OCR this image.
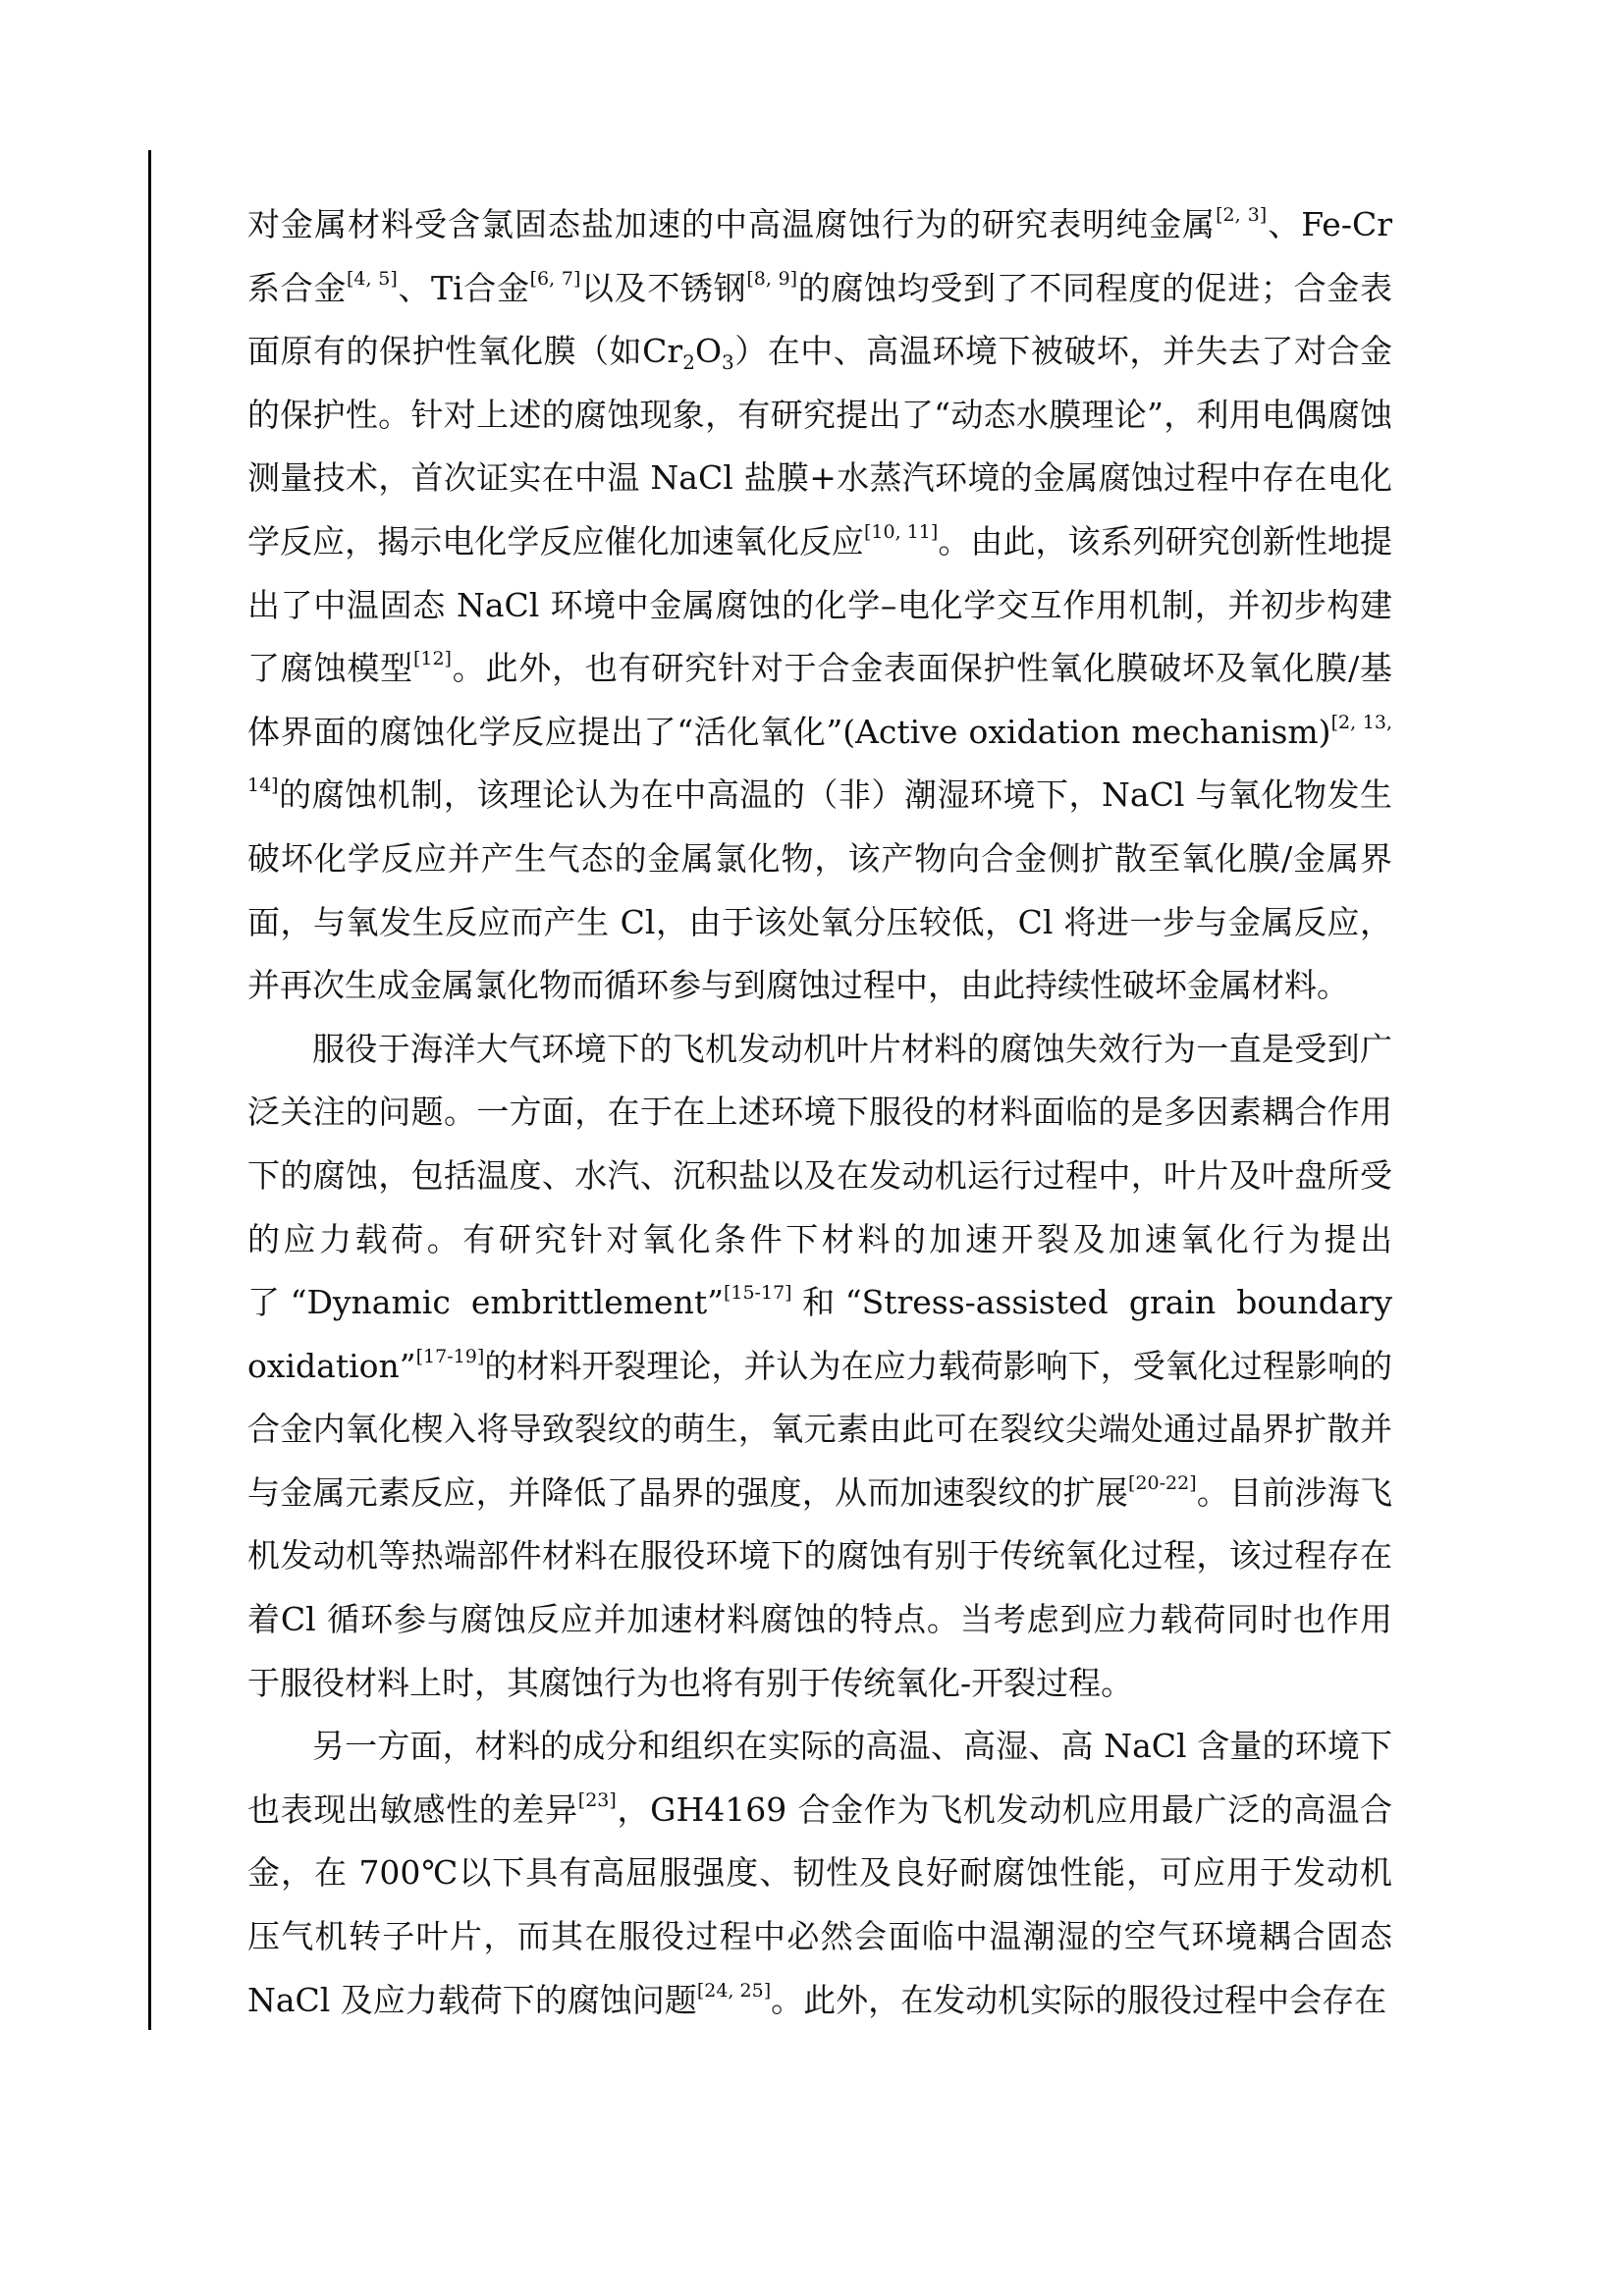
对金属材料受含氯固态盐加速的中高温腐蚀行为的研究表明纯金属[2, 3]、Fe-Cr系合金[4, 5]、Ti合金[6, 7]以及不锈钢[8, 9]的腐蚀均受到了不同程度的促进；合金表面原有的保护性氧化膜（如$Cr_2O_3$）在中、高温环境下被破坏，并失去了对合金的保护性。针对上述的腐蚀现象，有研究提出了“动态水膜理论”，利用电偶腐蚀测量技术，首次证实在中温 NaCl 盐膜+水蒸汽环境的金属腐蚀过程中存在电化学反应，揭示电化学反应催化加速氧化反应[10, 11]。由此，该系列研究创新性地提出了中温固态 NaCl 环境中金属腐蚀的化学–电化学交互作用机制，并初步构建了腐蚀模型[12]。此外，也有研究针对于合金表面保护性氧化膜破坏及氧化膜/基体界面的腐蚀化学反应提出了“活化氧化”(Active oxidation mechanism)[2, 13, 14]的腐蚀机制，该理论认为在中高温的（非）潮湿环境下，NaCl 与氧化物发生破坏化学反应并产生气态的金属氯化物，该产物向合金侧扩散至氧化膜/金属界面，与氧发生反应而产生 Cl，由于该处氧分压较低，Cl 将进一步与金属反应，并再次生成金属氯化物而循环参与到腐蚀过程中，由此持续性破坏金属材料。

服役于海洋大气环境下的飞机发动机叶片材料的腐蚀失效行为一直是受到广泛关注的问题。一方面，在于在上述环境下服役的材料面临的是多因素耦合作用下的腐蚀，包括温度、水汽、沉积盐以及在发动机运行过程中，叶片及叶盘所受的应力载荷。有研究针对氧化条件下材料的加速开裂及加速氧化行为提出了“Dynamic embrittlement”[15-17]和“Stress-assisted grain boundary oxidation”[17-19]的材料开裂理论，并认为在应力载荷影响下，受氧化过程影响的合金内氧化楔入将导致裂纹的萌生，氧元素由此可在裂纹尖端处通过晶界扩散并与金属元素反应，并降低了晶界的强度，从而加速裂纹的扩展[20-22]。目前涉海飞机发动机等热端部件材料在服役环境下的腐蚀有别于传统氧化过程，该过程存在着Cl 循环参与腐蚀反应并加速材料腐蚀的特点。当考虑到应力载荷同时也作用于服役材料上时，其腐蚀行为也将有别于传统氧化-开裂过程。

另一方面，材料的成分和组织在实际的高温、高湿、高 NaCl 含量的环境下也表现出敏感性的差异[23]，GH4169 合金作为飞机发动机应用最广泛的高温合金，在 700℃以下具有高屈服强度、韧性及良好耐腐蚀性能，可应用于发动机压气机转子叶片，而其在服役过程中必然会面临中温潮湿的空气环境耦合固态NaCl 及应力载荷下的腐蚀问题[24, 25]。此外，在发动机实际的服役过程中会存在
